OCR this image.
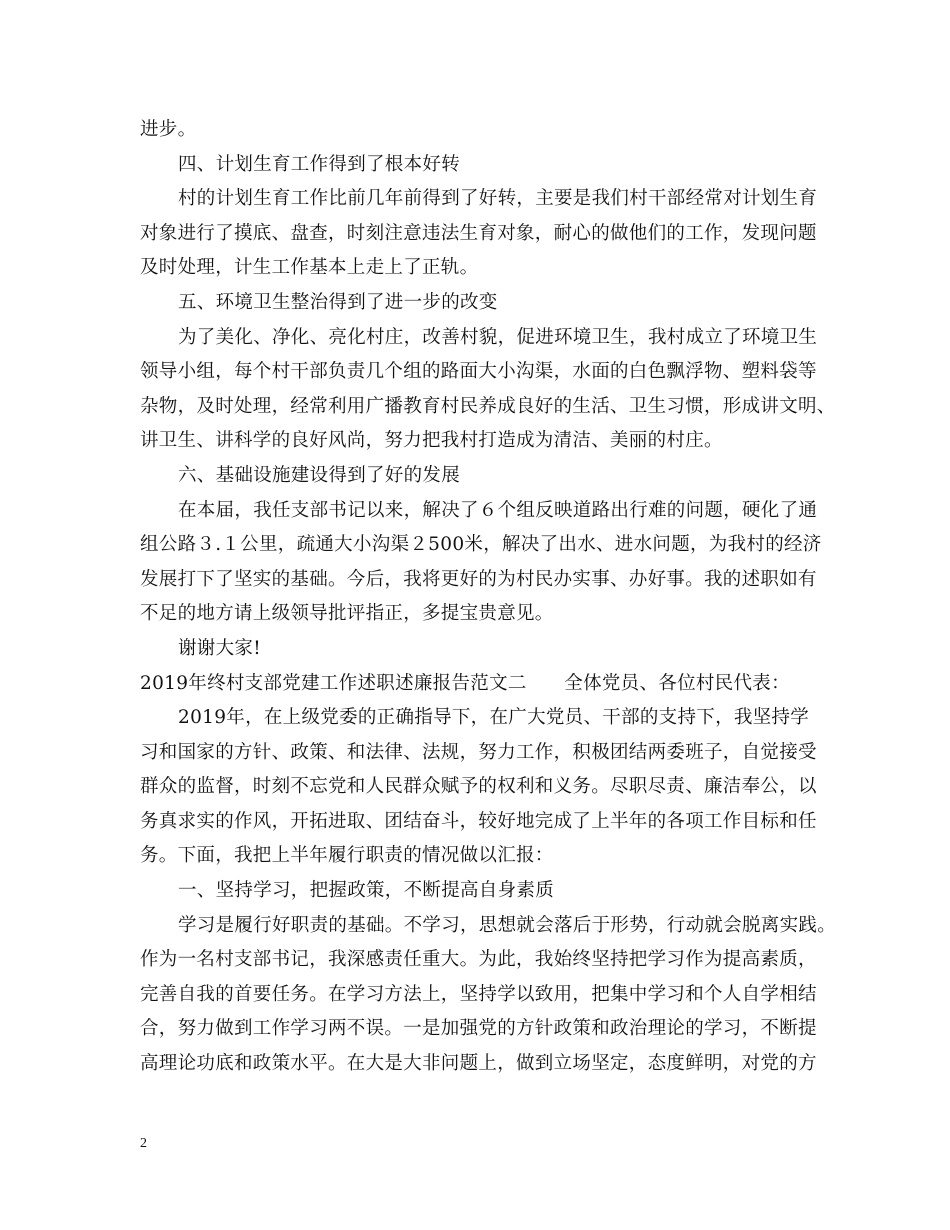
进步。
四、计划生育工作得到了根本好转
村的计划生育工作比前几年前得到了好转，主要是我们村干部经常对计划生育
对象进行了摸底、盘查，时刻注意违法生育对象，耐心的做他们的工作，发现问题
及时处理，计生工作基本上走上了正轨。
五、环境卫生整治得到了进一步的改变
为了美化、净化、亮化村庄，改善村貌，促进环境卫生，我村成立了环境卫生
领导小组，每个村干部负责几个组的路面大小沟渠，水面的白色飘浮物、塑料袋等
杂物，及时处理，经常利用广播教育村民养成良好的生活、卫生习惯，形成讲文明、
讲卫生、讲科学的良好风尚，努力把我村打造成为清洁、美丽的村庄。
六、基础设施建设得到了好的发展
在本届，我任支部书记以来，解决了６个组反映道路出行难的问题，硬化了通
组公路３.１公里，疏通大小沟渠２500米，解决了出水、进水问题，为我村的经济
发展打下了坚实的基础。今后，我将更好的为村民办实事、办好事。我的述职如有
不足的地方请上级领导批评指正，多提宝贵意见。
谢谢大家!
2019年终村支部党建工作述职述廉报告范文二　　全体党员、各位村民代表：
2019年，在上级党委的正确指导下，在广大党员、干部的支持下，我坚持学
习和国家的方针、政策、和法律、法规，努力工作，积极团结两委班子，自觉接受
群众的监督，时刻不忘党和人民群众赋予的权利和义务。尽职尽责、廉洁奉公，以
务真求实的作风，开拓进取、团结奋斗，较好地完成了上半年的各项工作目标和任
务。下面，我把上半年履行职责的情况做以汇报：
一、坚持学习，把握政策，不断提高自身素质
学习是履行好职责的基础。不学习，思想就会落后于形势，行动就会脱离实践。
作为一名村支部书记，我深感责任重大。为此，我始终坚持把学习作为提高素质，
完善自我的首要任务。在学习方法上，坚持学以致用，把集中学习和个人自学相结
合，努力做到工作学习两不误。一是加强党的方针政策和政治理论的学习，不断提
高理论功底和政策水平。在大是大非问题上，做到立场坚定，态度鲜明，对党的方
2
